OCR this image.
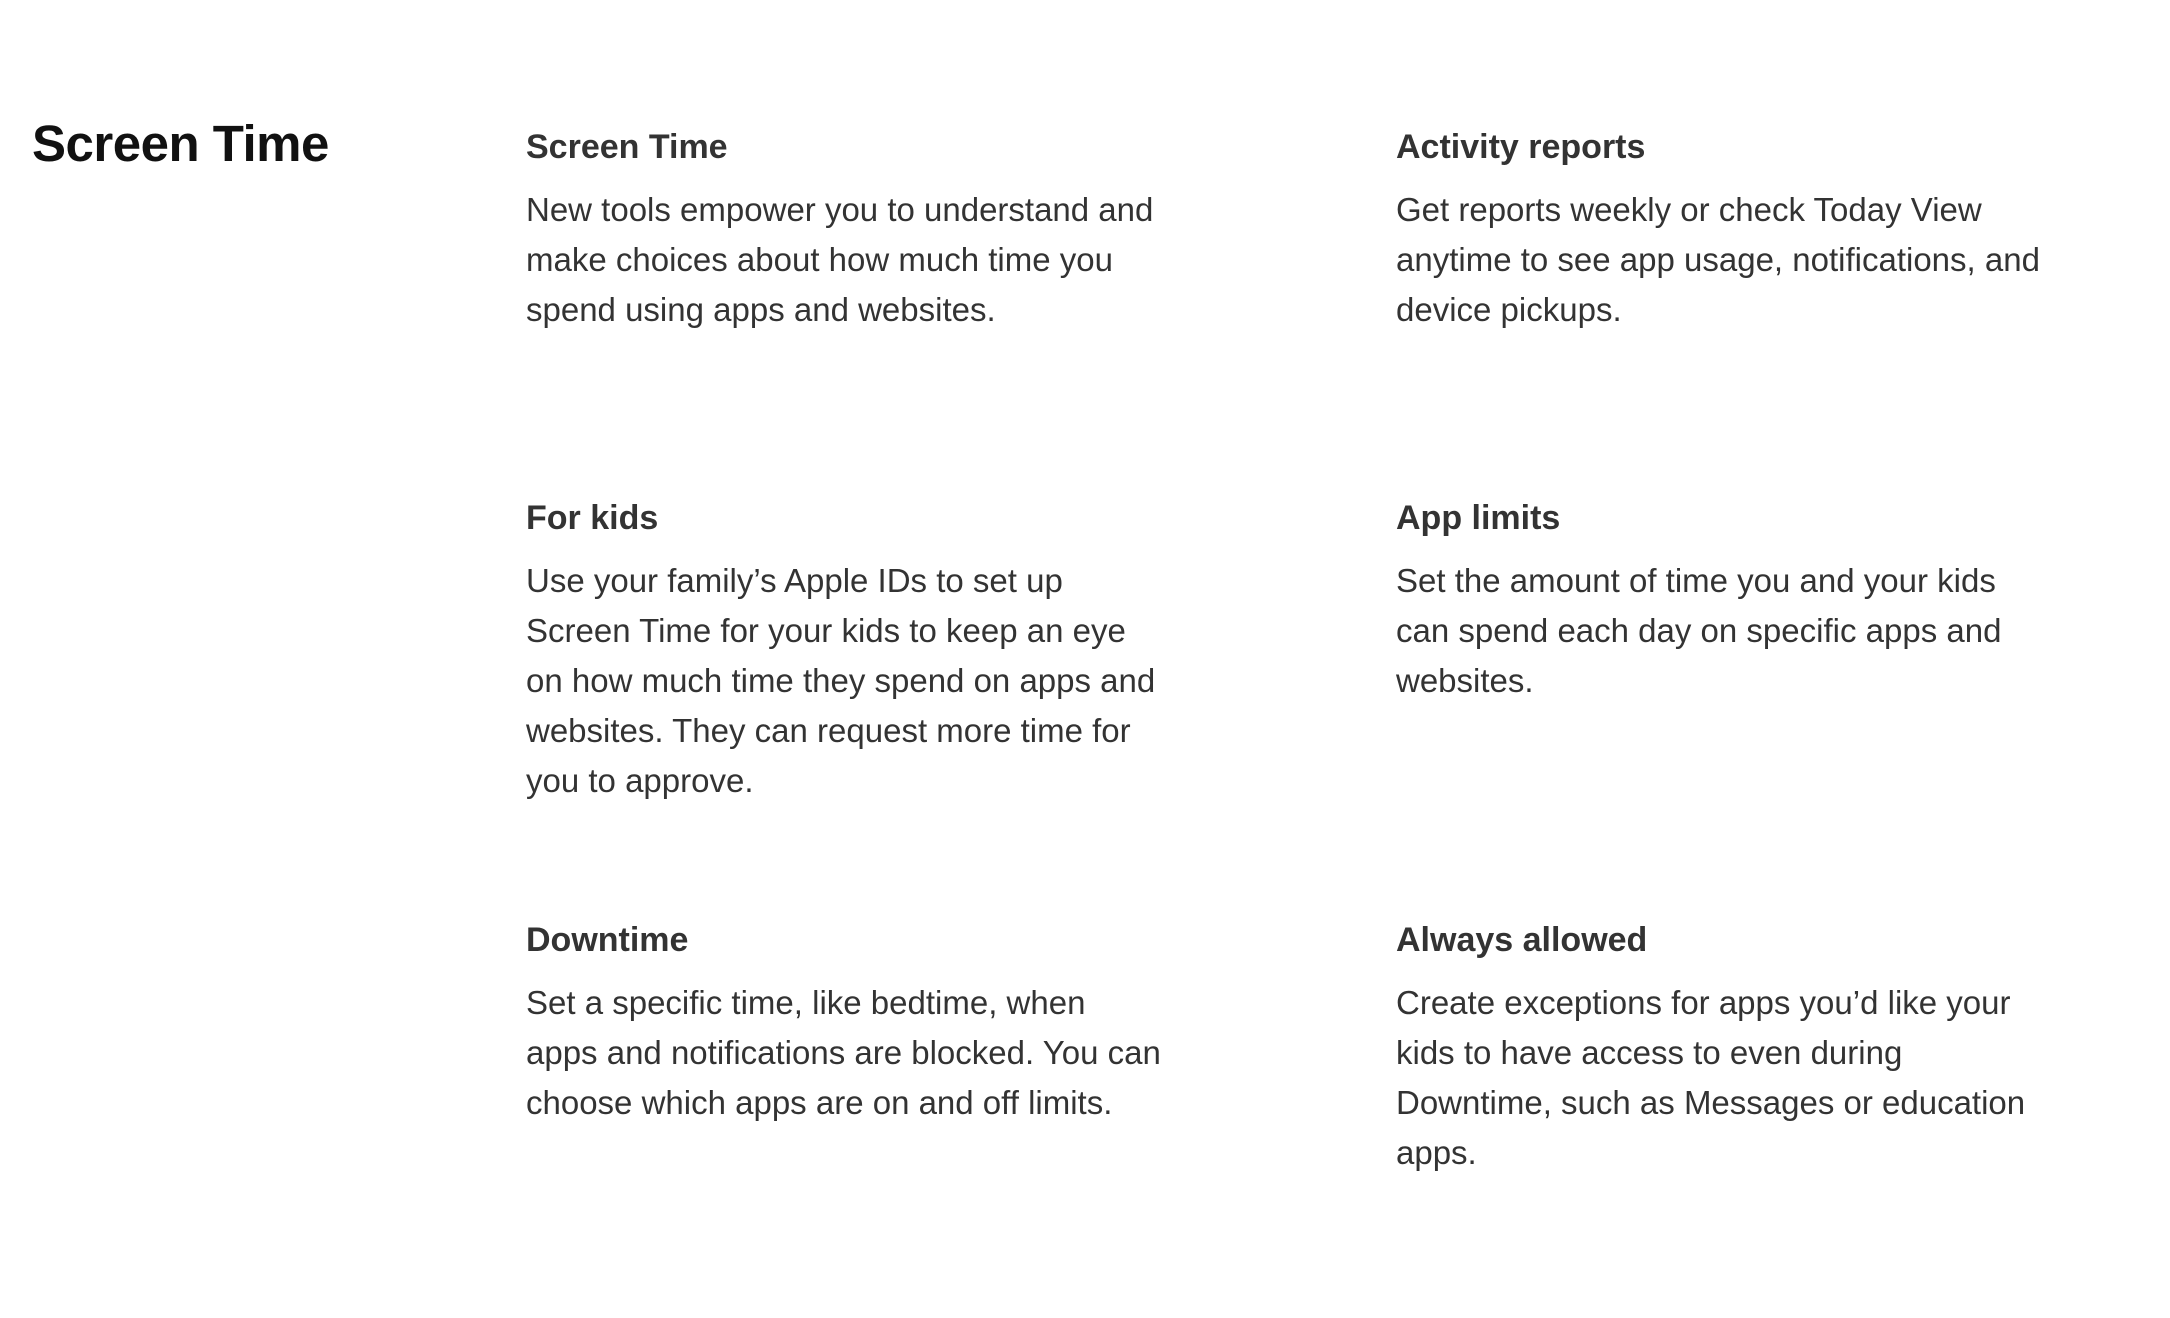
Screen Time	Screen Time

New tools empower you to understand and make choices about how much time you spend using apps and websites.

Activity reports

Get reports weekly or check Today View anytime to see app usage, notifications, and device pickups.

For kids

Use your family’s Apple IDs to set up Screen Time for your kids to keep an eye on how much time they spend on apps and websites. They can request more time for you to approve.

App limits

Set the amount of time you and your kids can spend each day on specific apps and websites.

Downtime

Set a specific time, like bedtime, when apps and notifications are blocked. You can choose which apps are on and off limits.

Always allowed

Create exceptions for apps you’d like your kids to have access to even during Downtime, such as Messages or education apps.
